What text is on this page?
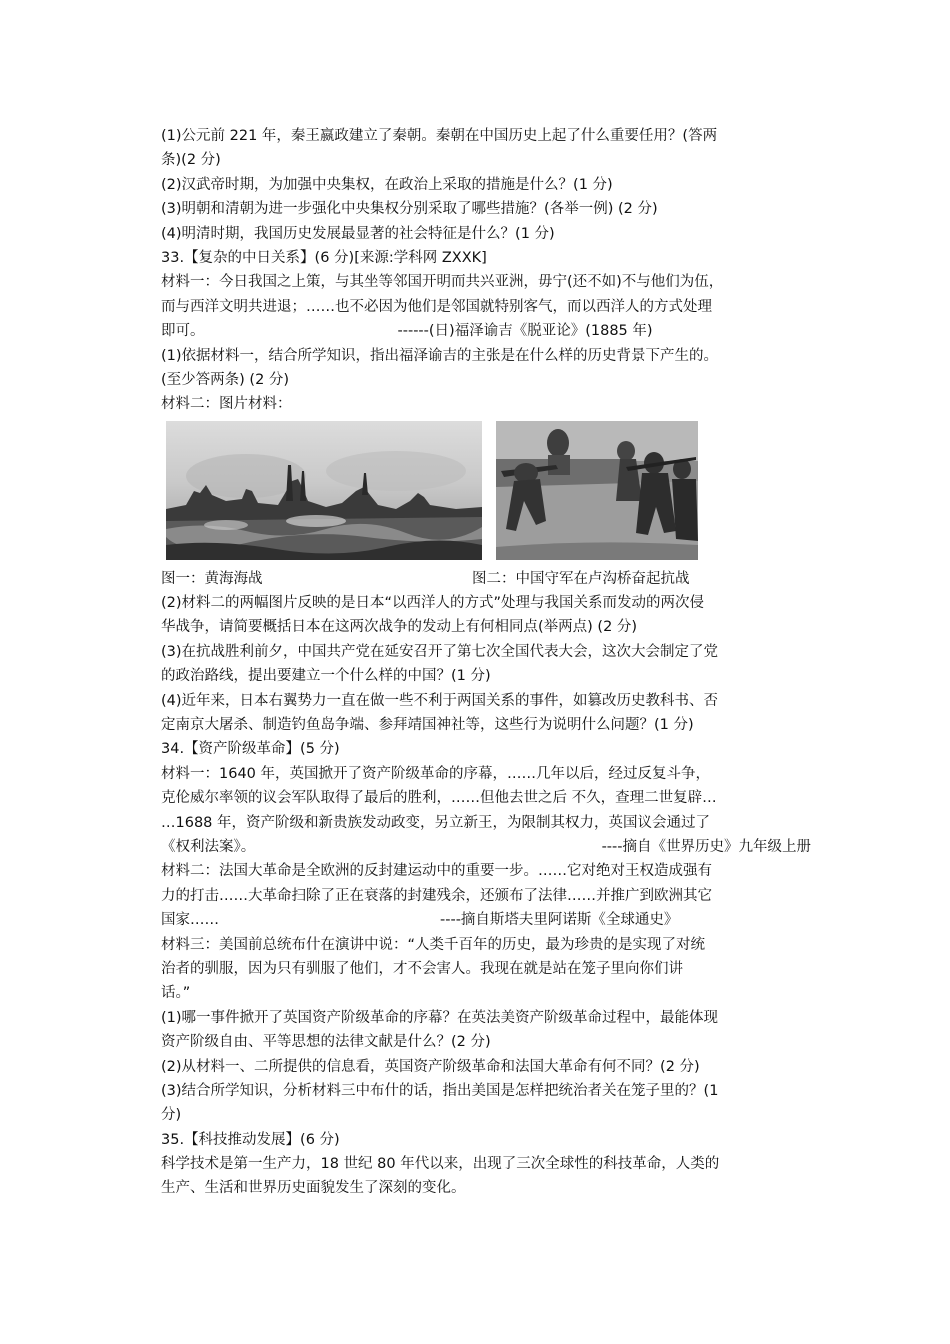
(1)公元前 221 年，秦王嬴政建立了秦朝。秦朝在中国历史上起了什么重要任用？(答两
条)(2 分)
(2)汉武帝时期，为加强中央集权，在政治上采取的措施是什么？(1 分)
(3)明朝和清朝为进一步强化中央集权分别采取了哪些措施？(各举一例) (2 分)
(4)明清时期，我国历史发展最显著的社会特征是什么？(1 分)
33.【复杂的中日关系】(6 分)[来源:学科网 ZXXK]
材料一：今日我国之上策，与其坐等邻国开明而共兴亚洲，毋宁(还不如)不与他们为伍，
而与西洋文明共进退；……也不必因为他们是邻国就特别客气，而以西洋人的方式处理
即可。	------(日)福泽谕吉《脱亚论》(1885 年)
(1)依据材料一，结合所学知识，指出福泽谕吉的主张是在什么样的历史背景下产生的。
(至少答两条) (2 分)
材料二：图片材料：
图一：黄海海战	图二：中国守军在卢沟桥奋起抗战
(2)材料二的两幅图片反映的是日本“以西洋人的方式”处理与我国关系而发动的两次侵
华战争，请简要概括日本在这两次战争的发动上有何相同点(举两点) (2 分)
(3)在抗战胜利前夕，中国共产党在延安召开了第七次全国代表大会，这次大会制定了党
的政治路线，提出要建立一个什么样的中国？(1 分)
(4)近年来，日本右翼势力一直在做一些不利于两国关系的事件，如篡改历史教科书、否
定南京大屠杀、制造钓鱼岛争端、参拜靖国神社等，这些行为说明什么问题？(1 分)
34.【资产阶级革命】(5 分)
材料一：1640 年，英国掀开了资产阶级革命的序幕，……几年以后，经过反复斗争，
克伦威尔率领的议会军队取得了最后的胜利，……但他去世之后 不久，查理二世复辟…
…1688 年，资产阶级和新贵族发动政变，另立新王，为限制其权力，英国议会通过了
《权利法案》。	----摘自《世界历史》九年级上册
材料二：法国大革命是全欧洲的反封建运动中的重要一步。……它对绝对王权造成强有
力的打击……大革命扫除了正在衰落的封建残余，还颁布了法律……并推广到欧洲其它
国家……	----摘自斯塔夫里阿诺斯《全球通史》
材料三：美国前总统布什在演讲中说：“人类千百年的历史，最为珍贵的是实现了对统
治者的驯服，因为只有驯服了他们，才不会害人。我现在就是站在笼子里向你们讲
话。”
(1)哪一事件掀开了英国资产阶级革命的序幕？在英法美资产阶级革命过程中，最能体现
资产阶级自由、平等思想的法律文献是什么？(2 分)
(2)从材料一、二所提供的信息看，英国资产阶级革命和法国大革命有何不同？(2 分)
(3)结合所学知识，分析材料三中布什的话，指出美国是怎样把统治者关在笼子里的？(1
分)
35.【科技推动发展】(6 分)
科学技术是第一生产力，18 世纪 80 年代以来，出现了三次全球性的科技革命，人类的
生产、生活和世界历史面貌发生了深刻的变化。
